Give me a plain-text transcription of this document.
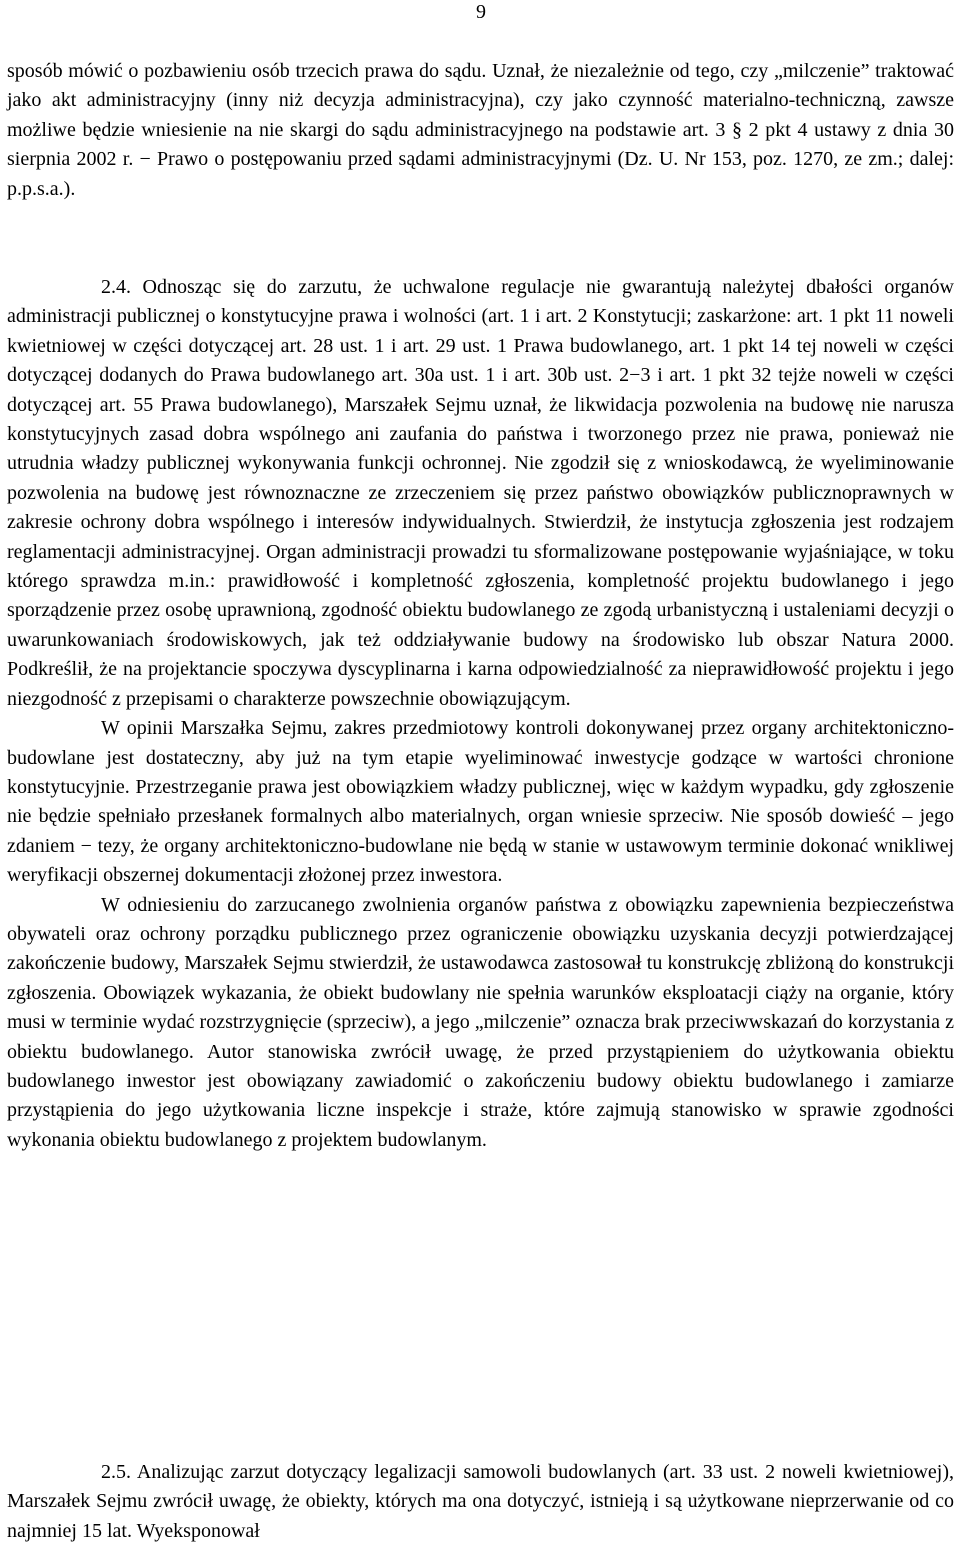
9

sposób mówić o pozbawieniu osób trzecich prawa do sądu. Uznał, że niezależnie od tego, czy „milczenie” traktować jako akt administracyjny (inny niż decyzja administracyjna), czy jako czynność materialno-techniczną, zawsze możliwe będzie wniesienie na nie skargi do sądu administracyjnego na podstawie art. 3 § 2 pkt 4 ustawy z dnia 30 sierpnia 2002 r. − Prawo o postępowaniu przed sądami administracyjnymi (Dz. U. Nr 153, poz. 1270, ze zm.; dalej: p.p.s.a.).

2.4. Odnosząc się do zarzutu, że uchwalone regulacje nie gwarantują należytej dbałości organów administracji publicznej o konstytucyjne prawa i wolności (art. 1 i art. 2 Konstytucji; zaskarżone: art. 1 pkt 11 noweli kwietniowej w części dotyczącej art. 28 ust. 1 i art. 29 ust. 1 Prawa budowlanego, art. 1 pkt 14 tej noweli w części dotyczącej dodanych do Prawa budowlanego art. 30a ust. 1 i art. 30b ust. 2−3 i art. 1 pkt 32 tejże noweli w części dotyczącej art. 55 Prawa budowlanego), Marszałek Sejmu uznał, że likwidacja pozwolenia na budowę nie narusza konstytucyjnych zasad dobra wspólnego ani zaufania do państwa i tworzonego przez nie prawa, ponieważ nie utrudnia władzy publicznej wykonywania funkcji ochronnej. Nie zgodził się z wnioskodawcą, że wyeliminowanie pozwolenia na budowę jest równoznaczne ze zrzeczeniem się przez państwo obowiązków publicznoprawnych w zakresie ochrony dobra wspólnego i interesów indywidualnych. Stwierdził, że instytucja zgłoszenia jest rodzajem reglamentacji administracyjnej. Organ administracji prowadzi tu sformalizowane postępowanie wyjaśniające, w toku którego sprawdza m.in.: prawidłowość i kompletność zgłoszenia, kompletność projektu budowlanego i jego sporządzenie przez osobę uprawnioną, zgodność obiektu budowlanego ze zgodą urbanistyczną i ustaleniami decyzji o uwarunkowaniach środowiskowych, jak też oddziaływanie budowy na środowisko lub obszar Natura 2000. Podkreślił, że na projektancie spoczywa dyscyplinarna i karna odpowiedzialność za nieprawidłowość projektu i jego niezgodność z przepisami o charakterze powszechnie obowiązującym.

W opinii Marszałka Sejmu, zakres przedmiotowy kontroli dokonywanej przez organy architektoniczno-budowlane jest dostateczny, aby już na tym etapie wyeliminować inwestycje godzące w wartości chronione konstytucyjnie. Przestrzeganie prawa jest obowiązkiem władzy publicznej, więc w każdym wypadku, gdy zgłoszenie nie będzie spełniało przesłanek formalnych albo materialnych, organ wniesie sprzeciw. Nie sposób dowieść – jego zdaniem − tezy, że organy architektoniczno-budowlane nie będą w stanie w ustawowym terminie dokonać wnikliwej weryfikacji obszernej dokumentacji złożonej przez inwestora.

W odniesieniu do zarzucanego zwolnienia organów państwa z obowiązku zapewnienia bezpieczeństwa obywateli oraz ochrony porządku publicznego przez ograniczenie obowiązku uzyskania decyzji potwierdzającej zakończenie budowy, Marszałek Sejmu stwierdził, że ustawodawca zastosował tu konstrukcję zbliżoną do konstrukcji zgłoszenia. Obowiązek wykazania, że obiekt budowlany nie spełnia warunków eksploatacji ciąży na organie, który musi w terminie wydać rozstrzygnięcie (sprzeciw), a jego „milczenie” oznacza brak przeciwwskazań do korzystania z obiektu budowlanego. Autor stanowiska zwrócił uwagę, że przed przystąpieniem do użytkowania obiektu budowlanego inwestor jest obowiązany zawiadomić o zakończeniu budowy obiektu budowlanego i zamiarze przystąpienia do jego użytkowania liczne inspekcje i straże, które zajmują stanowisko w sprawie zgodności wykonania obiektu budowlanego z projektem budowlanym.

2.5. Analizując zarzut dotyczący legalizacji samowoli budowlanych (art. 33 ust. 2 noweli kwietniowej), Marszałek Sejmu zwrócił uwagę, że obiekty, których ma ona dotyczyć, istnieją i są użytkowane nieprzerwanie od co najmniej 15 lat. Wyeksponował
